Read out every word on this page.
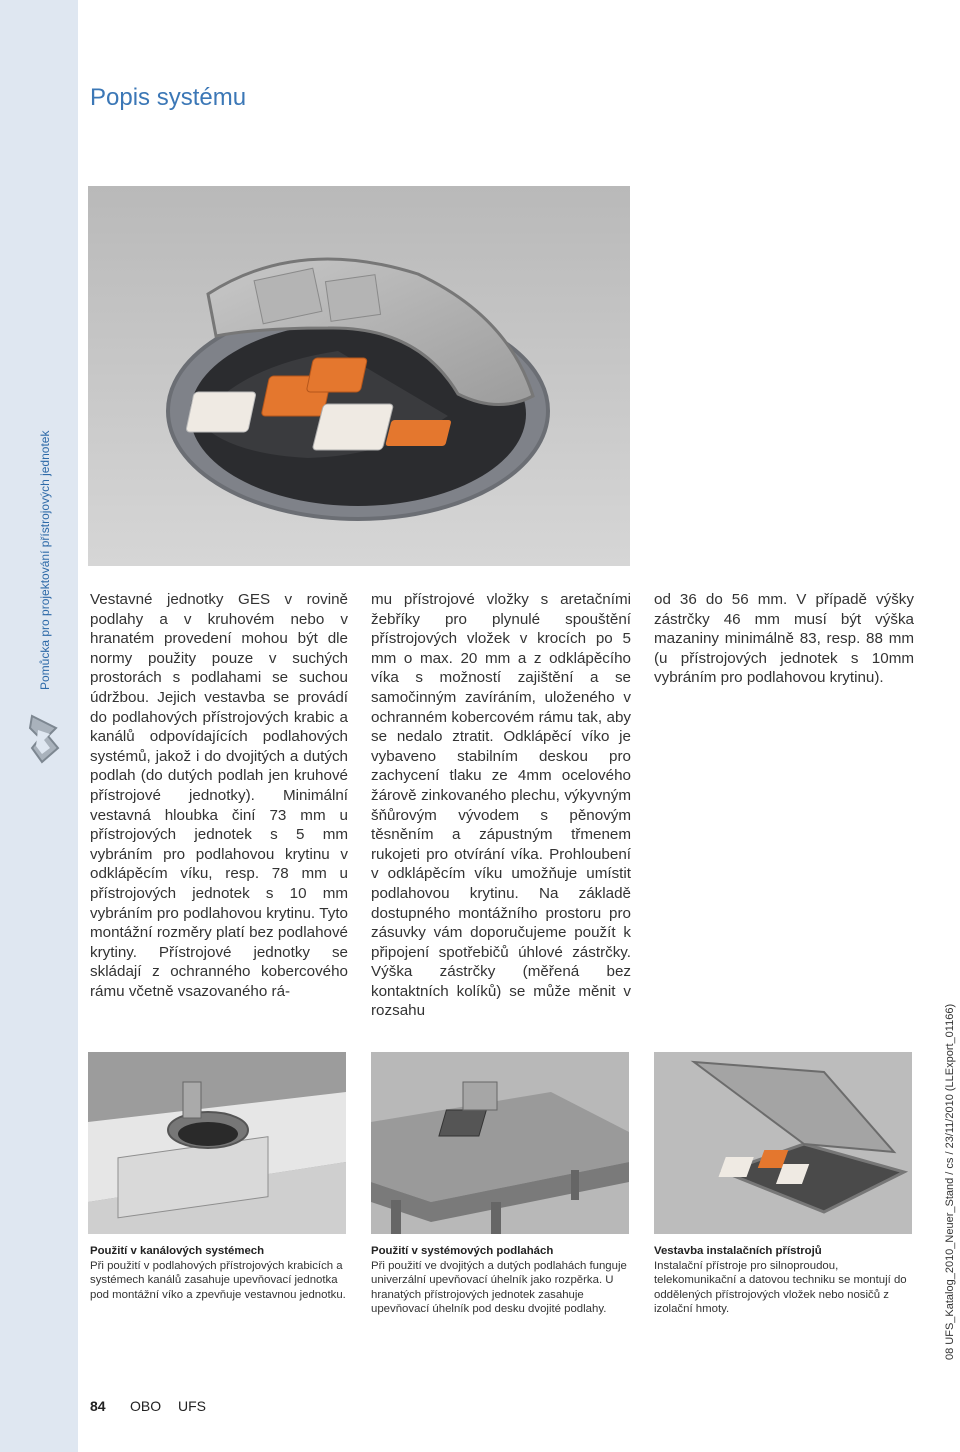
Pomůcka pro projektování přístrojových jednotek
Popis systému

Vestavné jednotky GES v rovině podlahy a v kruhovém nebo v hranatém provedení mohou být dle normy použity pouze v suchých prostorách s podlahami se suchou údržbou. Jejich vestavba se provádí do podlahových přístrojových krabic a kanálů odpovídajících podlahových systémů, jakož i do dvojitých a dutých podlah (do dutých podlah jen kruhové přístrojové jednotky). Minimální vestavná hloubka činí 73 mm u přístrojových jednotek s 5 mm vybráním pro podlahovou krytinu v odklápěcím víku, resp. 78 mm u přístrojových jednotek s 10 mm vybráním pro podlahovou krytinu. Tyto montážní rozměry platí bez podlahové krytiny. Přístrojové jednotky se skládají z ochranného kobercového rámu včetně vsazovaného rá-

mu přístrojové vložky s aretačními žebříky pro plynulé spouštění přístrojových vložek v krocích po 5 mm o max. 20 mm a z odklápěcího víka s možností zajištění a se samočinným zavíráním, uloženého v ochranném kobercovém rámu tak, aby se nedalo ztratit. Odklápěcí víko je vybaveno stabilním deskou pro zachycení tlaku ze 4mm ocelového žárově zinkovaného plechu, výkyvným šňůrovým vývodem s pěnovým těsněním a zápustným třmenem rukojeti pro otvírání víka. Prohloubení v odklápěcím víku umožňuje umístit podlahovou krytinu. Na základě dostupného montážního prostoru pro zásuvky vám doporučujeme použít k připojení spotřebičů úhlové zástrčky. Výška zástrčky (měřená bez kontaktních kolíků) se může měnit v rozsahu

od 36 do 56 mm. V případě výšky zástrčky 46 mm musí být výška mazaniny minimálně 83, resp. 88 mm (u přístrojových jednotek s 10mm vybráním pro podlahovou krytinu).

Použití v kanálových systémech
Při použití v podlahových přístrojových krabicích a systémech kanálů zasahuje upevňovací jednotka pod montážní víko a zpevňuje vestavnou jednotku.
Použití v systémových podlahách
Při použití ve dvojitých a dutých podlahách funguje univerzální upevňovací úhelník jako rozpěrka. U hranatých přístrojových jednotek zasahuje upevňovací úhelník pod desku dvojité podlahy.
Vestavba instalačních přístrojů
Instalační přístroje pro silnoproudou, telekomunikační a datovou techniku se montují do oddělených přístrojových vložek nebo nosičů z izolační hmoty.	08 UFS_Katalog_2010_Neuer_Stand / cs / 23/11/2010 (LLExport_01166)
84 OBO UFS
